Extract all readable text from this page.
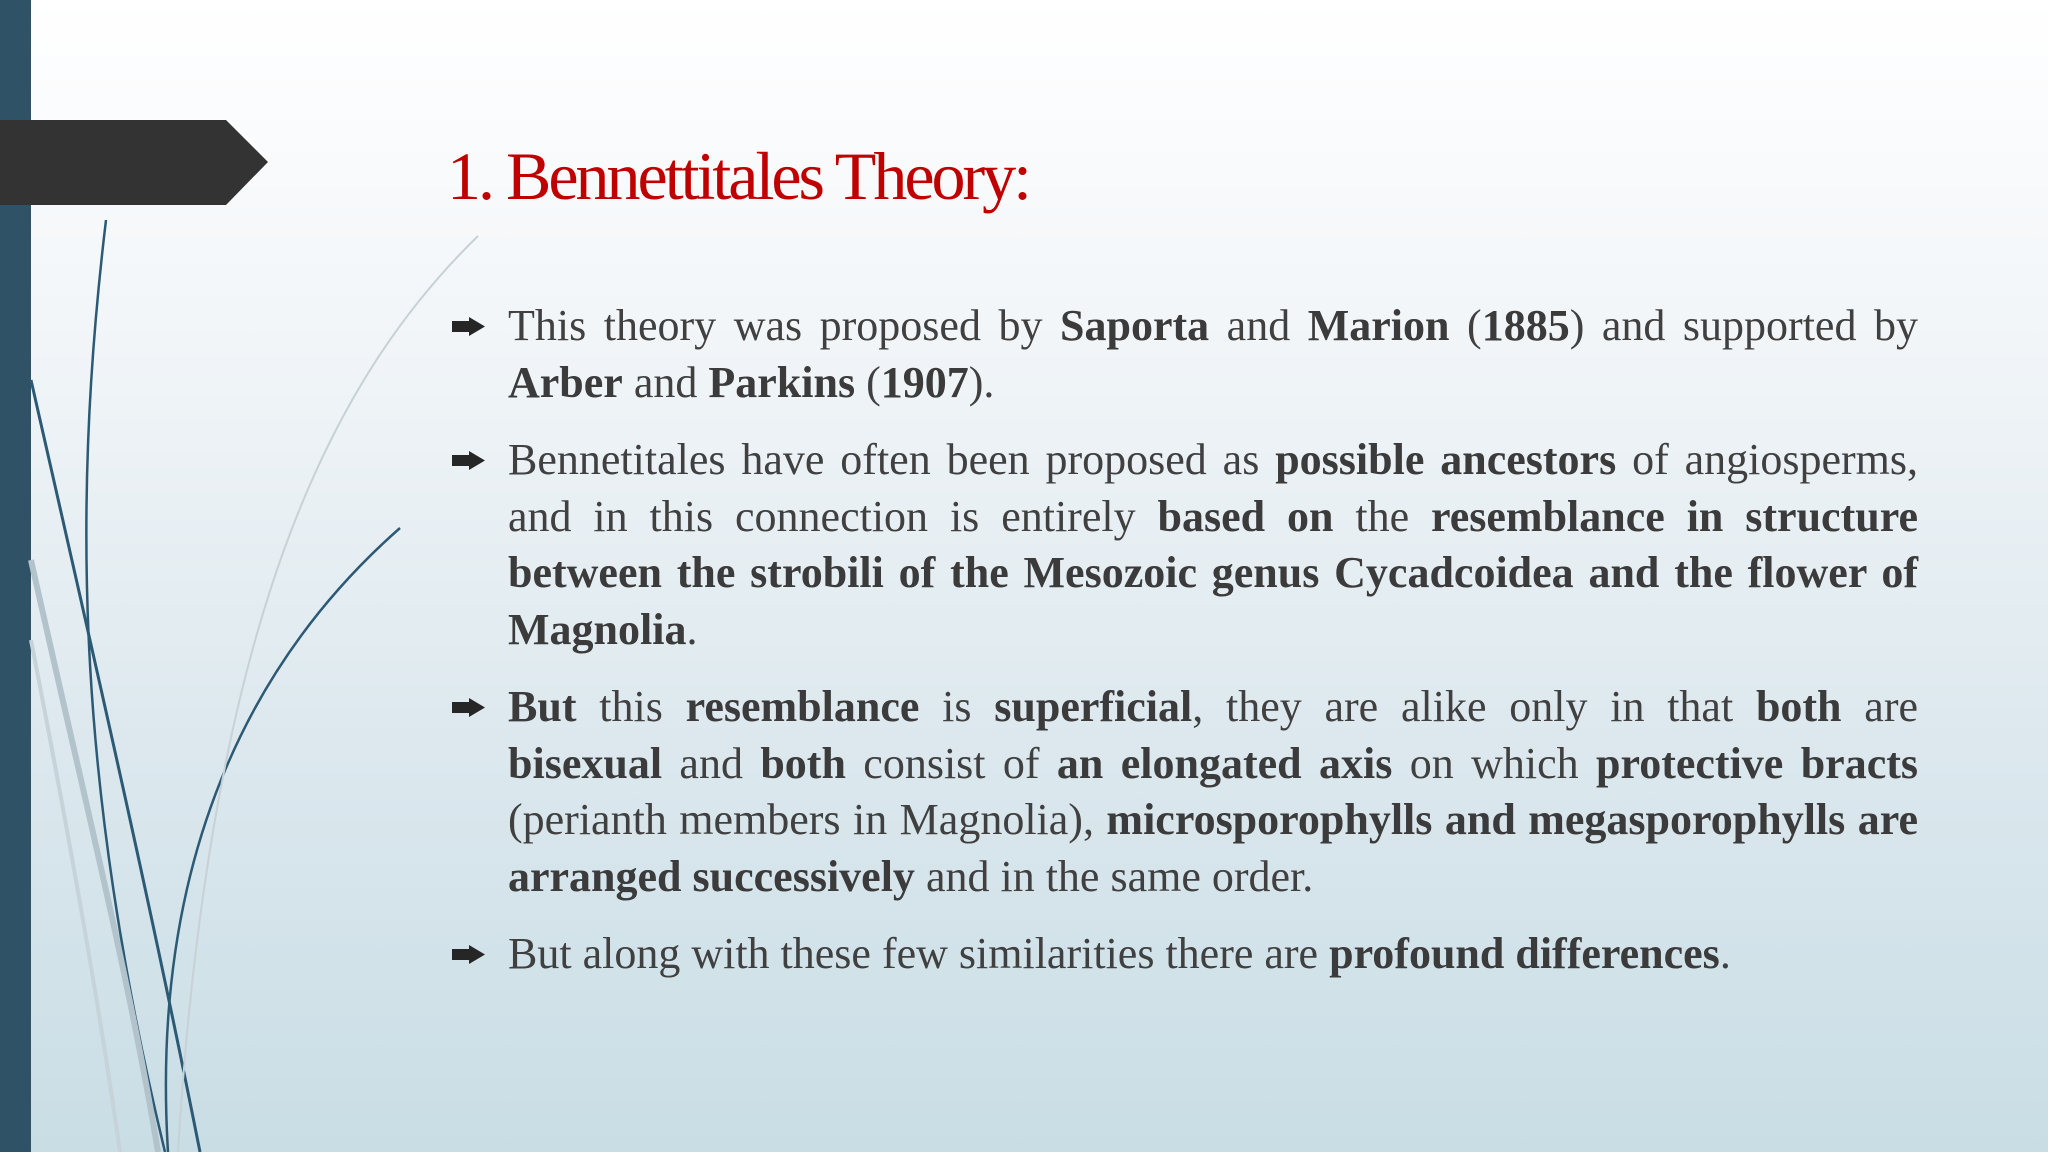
1. Bennettitales Theory:
This theory was proposed by Saporta and Marion (1885) and supported by Arber and Parkins (1907).
Bennetitales have often been proposed as possible ancestors of angiosperms, and in this connection is entirely based on the resemblance in structure between the strobili of the Mesozoic genus Cycadcoidea and the flower of Magnolia.
But this resemblance is superficial, they are alike only in that both are bisexual and both consist of an elongated axis on which protective bracts (perianth members in Magnolia), microsporophylls and megasporophylls are arranged successively and in the same order.
But along with these few similarities there are profound differences.
